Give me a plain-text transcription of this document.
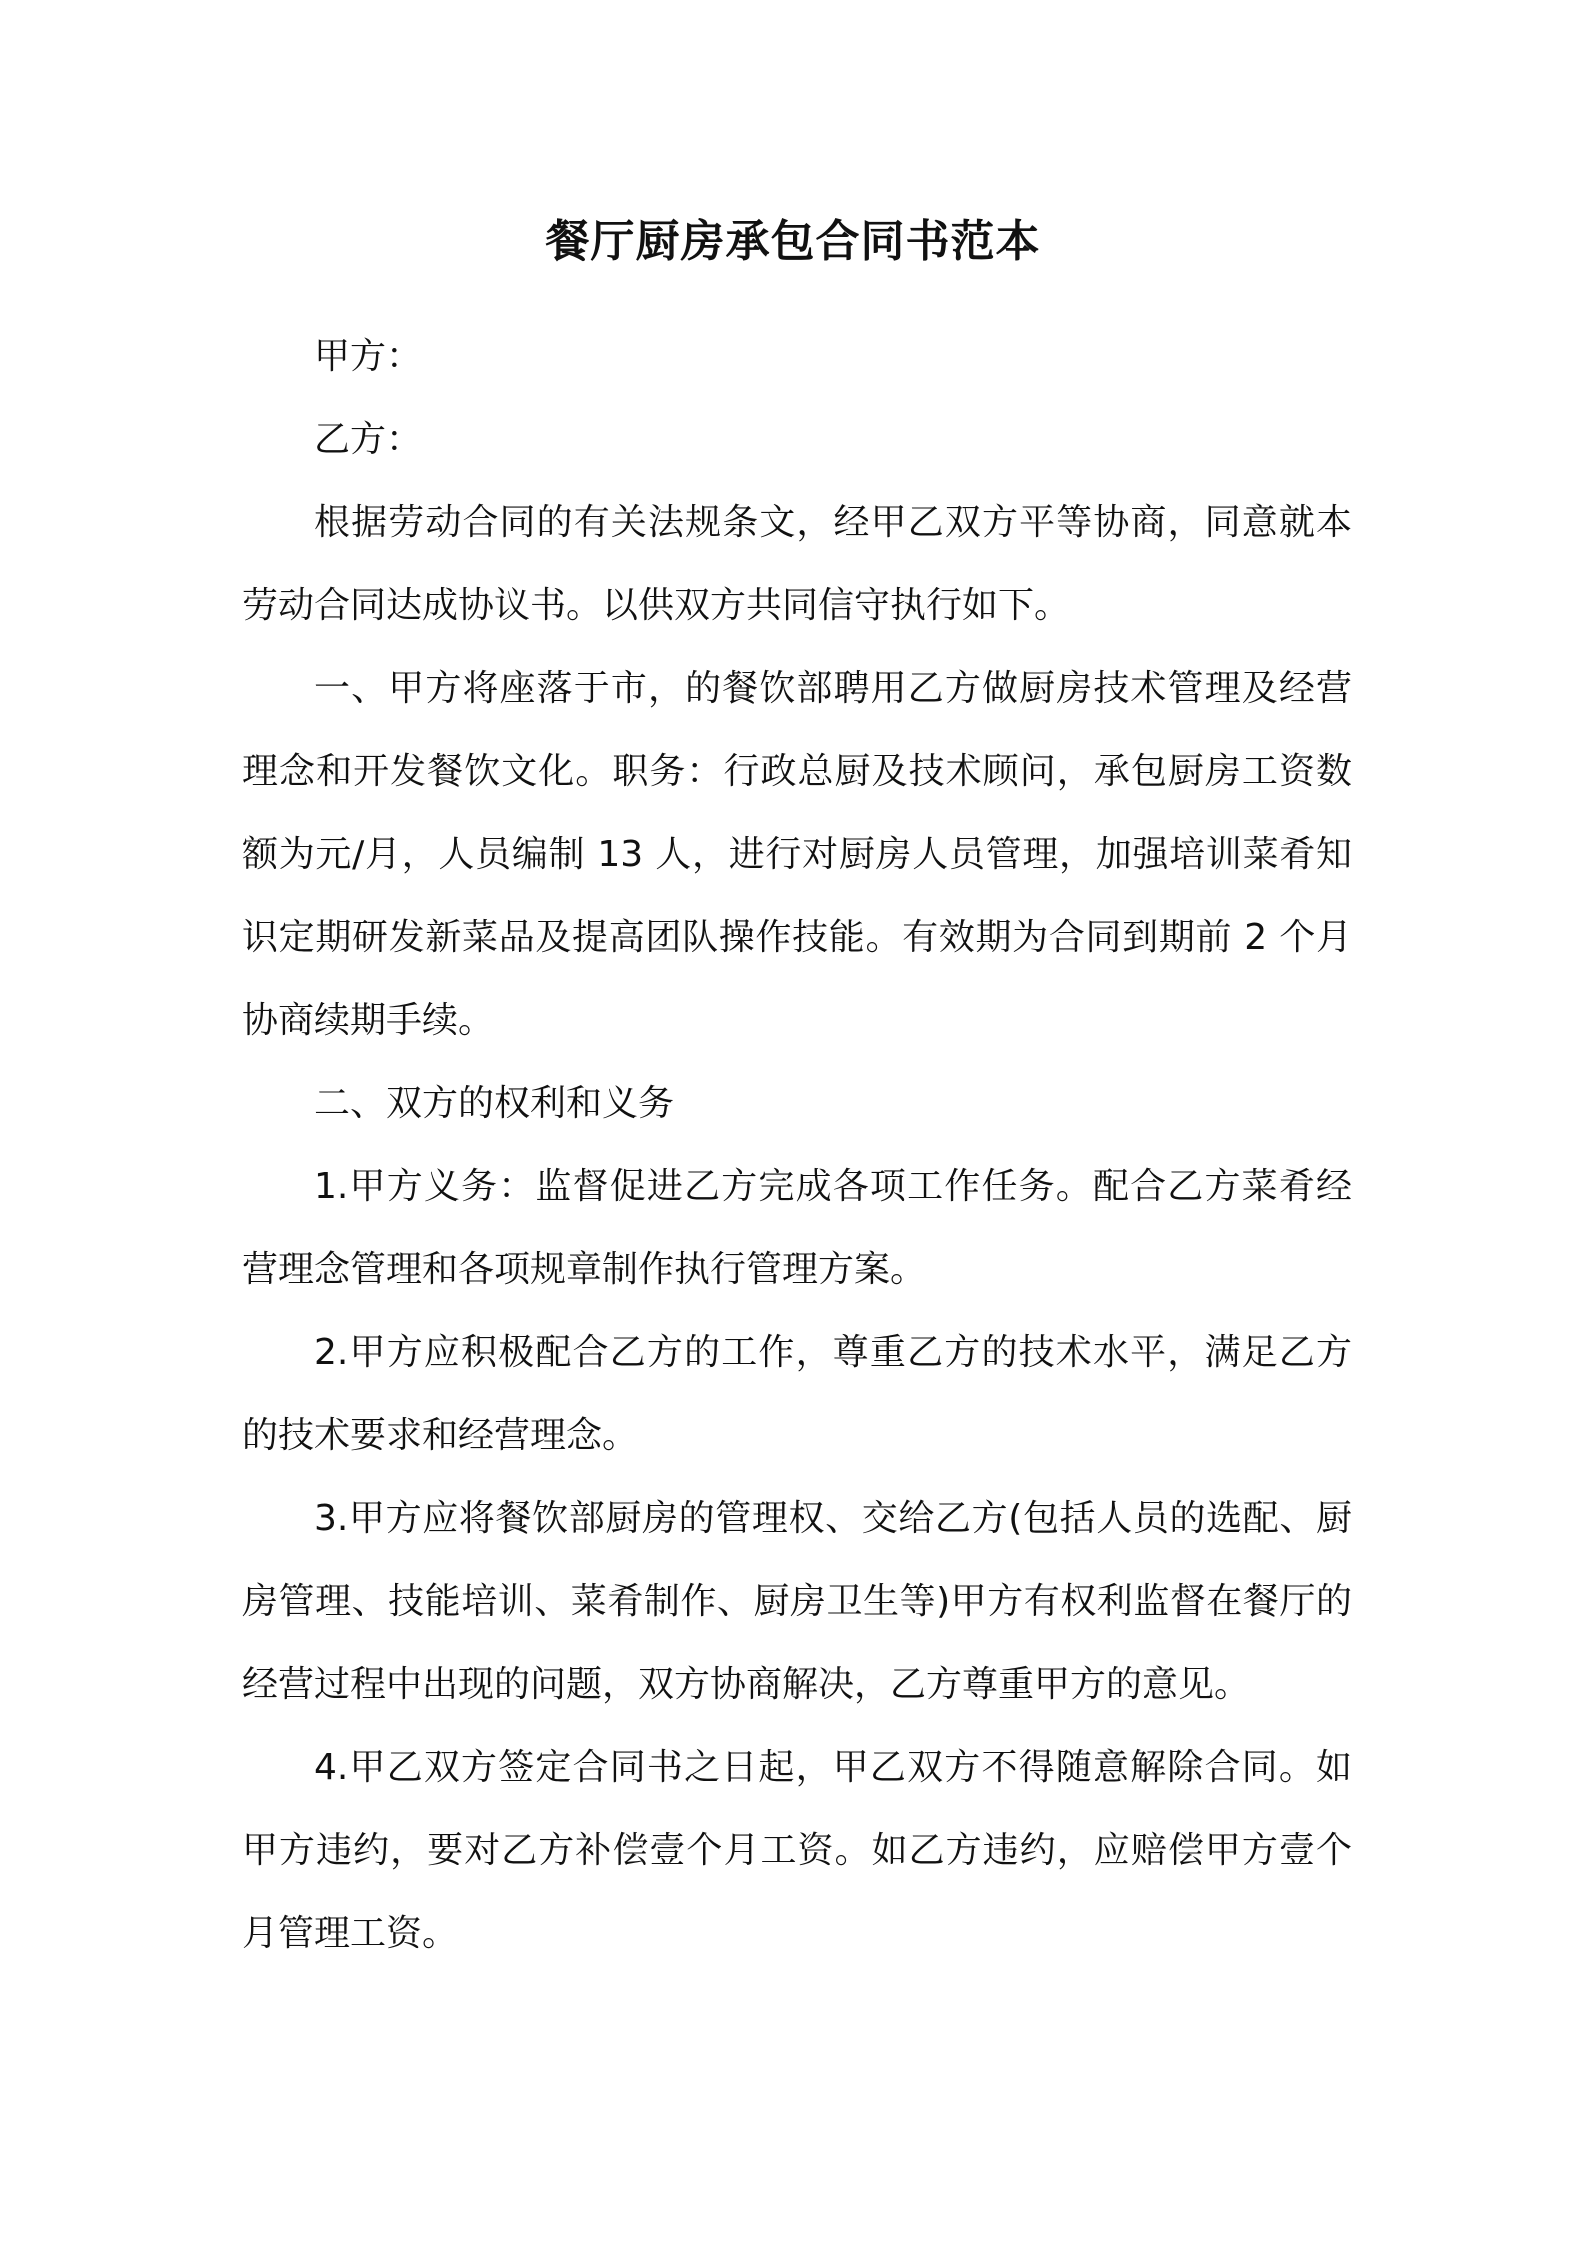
餐厅厨房承包合同书范本

甲方：

乙方：

根据劳动合同的有关法规条文，经甲乙双方平等协商，同意就本劳动合同达成协议书。以供双方共同信守执行如下。

一、甲方将座落于市，的餐饮部聘用乙方做厨房技术管理及经营理念和开发餐饮文化。职务：行政总厨及技术顾问，承包厨房工资数额为元/月，人员编制 13 人，进行对厨房人员管理，加强培训菜肴知识定期研发新菜品及提高团队操作技能。有效期为合同到期前 2 个月协商续期手续。

二、双方的权利和义务

1.甲方义务：监督促进乙方完成各项工作任务。配合乙方菜肴经营理念管理和各项规章制作执行管理方案。

2.甲方应积极配合乙方的工作，尊重乙方的技术水平，满足乙方的技术要求和经营理念。

3.甲方应将餐饮部厨房的管理权、交给乙方(包括人员的选配、厨房管理、技能培训、菜肴制作、厨房卫生等)甲方有权利监督在餐厅的经营过程中出现的问题，双方协商解决，乙方尊重甲方的意见。

4.甲乙双方签定合同书之日起，甲乙双方不得随意解除合同。如甲方违约，要对乙方补偿壹个月工资。如乙方违约，应赔偿甲方壹个月管理工资。
